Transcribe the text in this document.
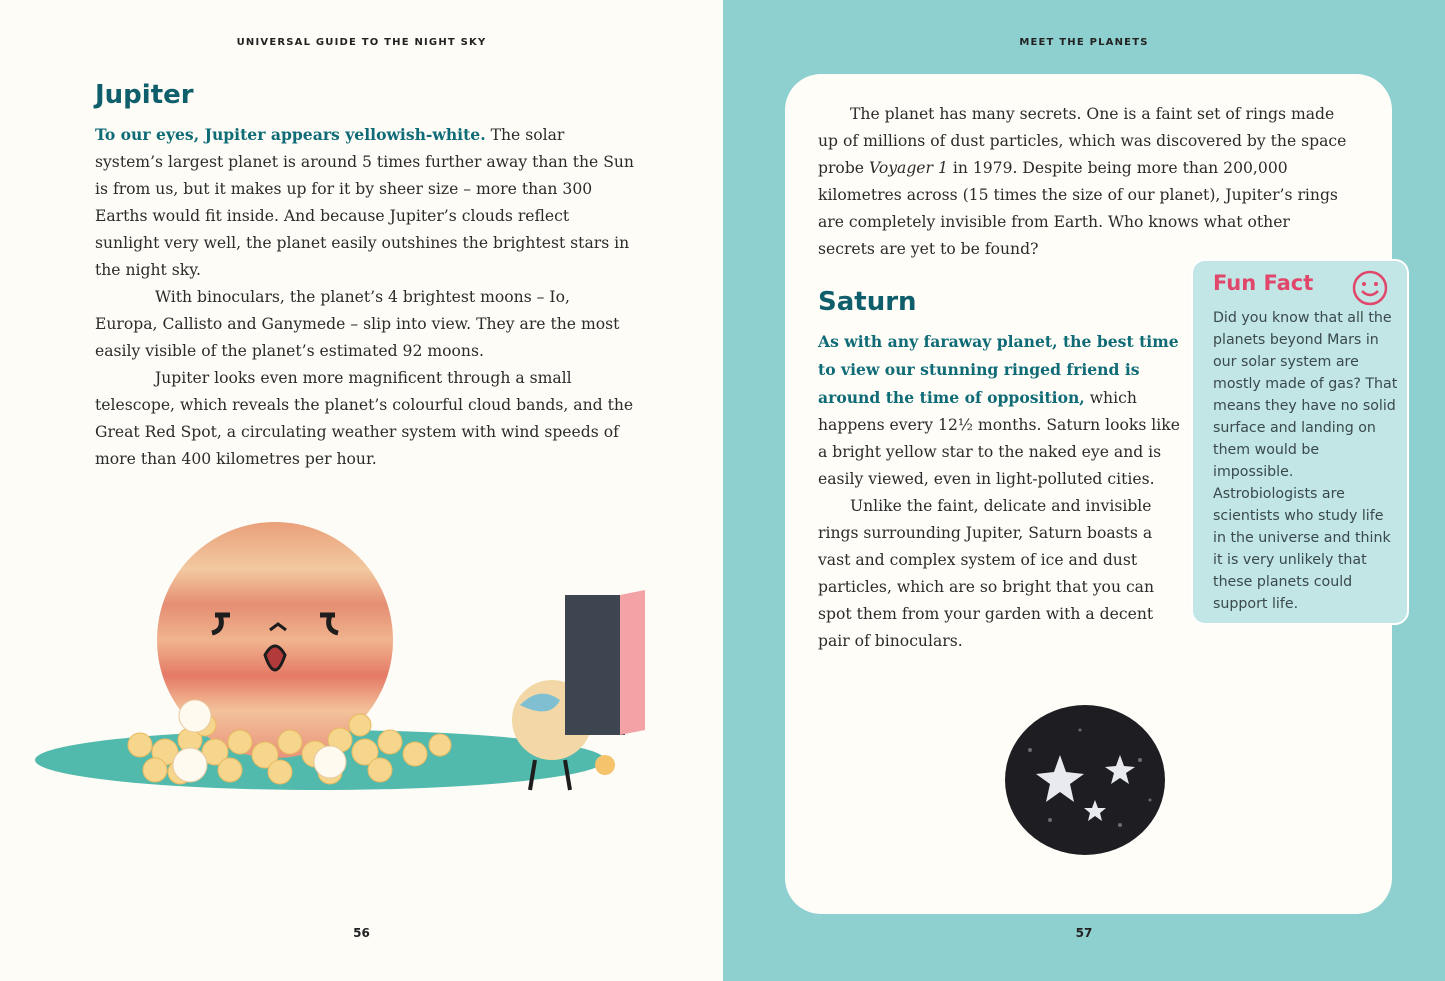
UNIVERSAL GUIDE TO THE NIGHT SKY
Jupiter

To our eyes, Jupiter appears yellowish-white. The solar system’s largest planet is around 5 times further away than the Sun is from us, but it makes up for it by sheer size – more than 300 Earths would fit inside. And because Jupiter’s clouds reflect sunlight very well, the planet easily outshines the brightest stars in the night sky.

With binoculars, the planet’s 4 brightest moons – Io, Europa, Callisto and Ganymede – slip into view. They are the most easily visible of the planet’s estimated 92 moons.

Jupiter looks even more magnificent through a small telescope, which reveals the planet’s colourful cloud bands, and the Great Red Spot, a circulating weather system with wind speeds of more than 400 kilometres per hour.

56
MEET THE PLANETS
57

The planet has many secrets. One is a faint set of rings made up of millions of dust particles, which was discovered by the space probe Voyager 1 in 1979. Despite being more than 200,000 kilometres across (15 times the size of our planet), Jupiter’s rings are completely invisible from Earth. Who knows what other secrets are yet to be found?

Saturn

As with any faraway planet, the best time to view our stunning ringed friend is around the time of opposition, which happens every 12½ months. Saturn looks like a bright yellow star to the naked eye and is easily viewed, even in light-polluted cities.

Unlike the faint, delicate and invisible rings surrounding Jupiter, Saturn boasts a vast and complex system of ice and dust particles, which are so bright that you can spot them from your garden with a decent pair of binoculars.

Fun Fact
Did you know that all the planets beyond Mars in our solar system are mostly made of gas? That means they have no solid surface and landing on them would be impossible. Astrobiologists are scientists who study life in the universe and think it is very unlikely that these planets could support life.
